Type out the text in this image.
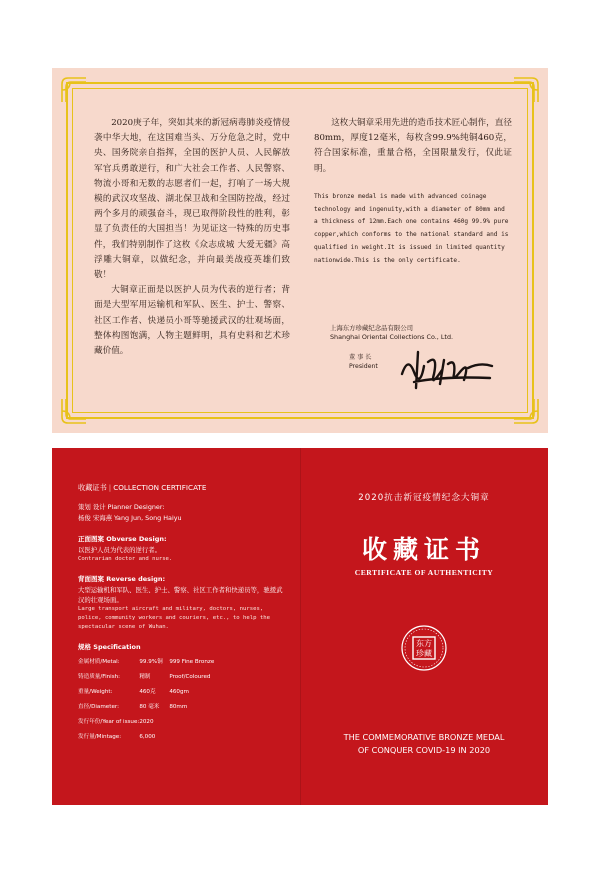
2020庚子年，突如其来的新冠病毒肺炎疫情侵袭中华大地，在这国难当头、万分危急之时，党中央、国务院亲自指挥，全国的医护人员、人民解放军官兵勇敢逆行，和广大社会工作者、人民警察、物流小哥和无数的志愿者们一起，打响了一场大规模的武汉攻坚战、湖北保卫战和全国防控战，经过两个多月的顽强奋斗，现已取得阶段性的胜利，彰显了负责任的大国担当！为见证这一特殊的历史事件，我们特别制作了这枚《众志成城 大爱无疆》高浮雕大铜章，以做纪念，并向最美战疫英雄们致敬！

大铜章正面是以医护人员为代表的逆行者；背面是大型军用运输机和军队、医生、护士、警察、社区工作者、快递员小哥等驰援武汉的壮观场面，整体构图饱满，人物主题鲜明，具有史料和艺术珍藏价值。

这枚大铜章采用先进的造币技术匠心制作，直径80mm，厚度12毫米，每枚含99.9%纯铜460克，符合国家标准，重量合格，全国限量发行，仅此证明。

This bronze medal is made with advanced coinage technology and ingenuity,with a diameter of 80mm and a thickness of 12mm.Each one contains 460g 99.9% pure copper,which conforms to the national standard and is qualified in weight.It is issued in limited quantity nationwide.This is the only certificate.

上海东方珍藏纪念品有限公司
Shanghai Oriental Collections Co., Ltd.
董 事 长
President
收藏证书 | COLLECTION CERTIFICATE
策划 设计 Planner Designer:
杨俊 宋海燕 Yang Jun, Song Haiyu
正面图案 Obverse Design:
以医护人员为代表的逆行者。
Contrarian doctor and nurse.
背面图案 Reverse design:
大型运输机和军队、医生、护士、警察、社区工作者和快递员等，驰援武汉的壮观场面。
Large transport aircraft and military, doctors, nurses, police, community workers and couriers, etc., to help the spectacular scene of Wuhan.
规格 Specification
金属材质/Metal:	99.9%铜	999 Fine Bronze
铸造质量/Finish:	精制	Proof/Coloured
重量/Weight:	460克	460gm
直径/Diameter:	80 毫米	80mm
发行年份/Year of issue:	2020	
发行量/Mintage:	6,000	
2020抗击新冠疫情纪念大铜章
收藏证书
CERTIFICATE OF AUTHENTICITY
东方
珍藏
THE COMMEMORATIVE BRONZE MEDAL
OF CONQUER COVID-19 IN 2020
